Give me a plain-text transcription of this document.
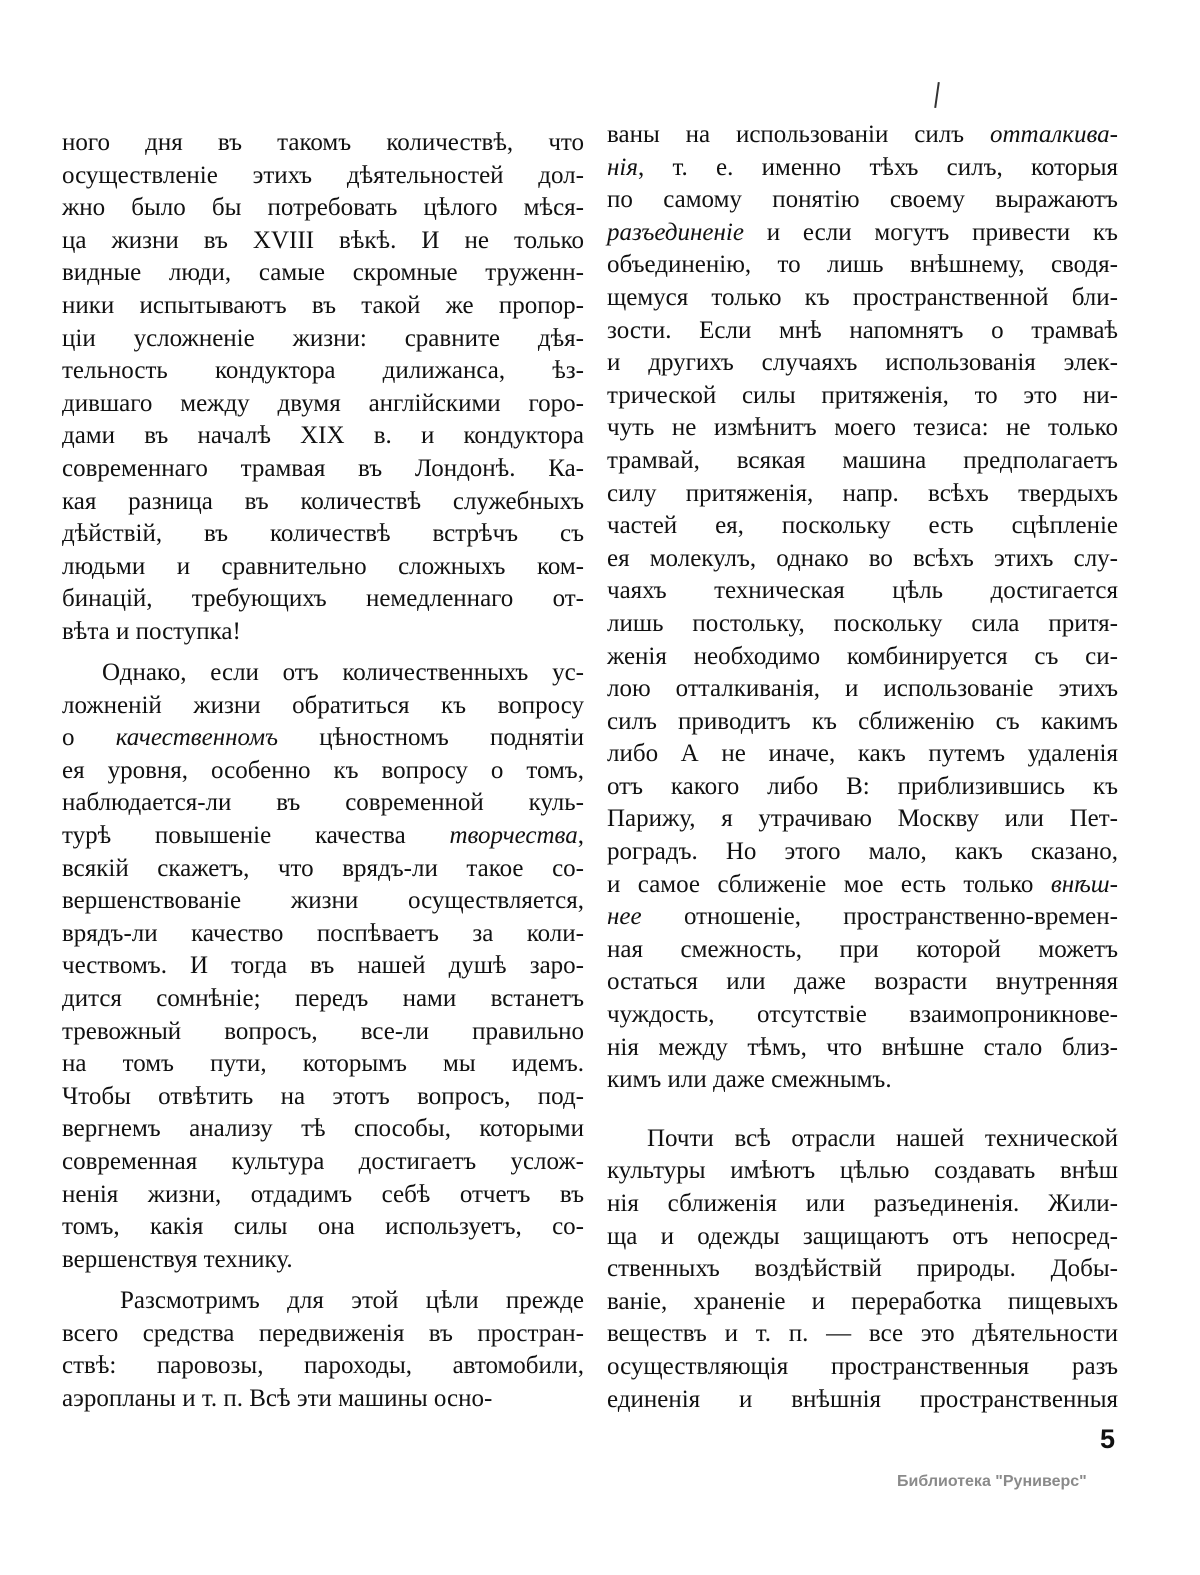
ного дня въ такомъ количествѣ, что
осуществленіе этихъ дѣятельностей дол-
жно было бы потребовать цѣлого мѣся-
ца жизни въ XVIII вѣкѣ. И не только
видные люди, самые скромные труженн-
ники испытываютъ въ такой же пропор-
ціи усложненіе жизни: сравните дѣя-
тельность кондуктора дилижанса, ѣз-
дившаго между двумя англійскими горо-
дами въ началѣ XIX в. и кондуктора
современнаго трамвая въ Лондонѣ. Ка-
кая разница въ количествѣ служебныхъ
дѣйствій, въ количествѣ встрѣчъ съ
людьми и сравнительно сложныхъ ком-
бинацій, требующихъ немедленнаго от-
вѣта и поступка!
Однако, если отъ количественныхъ ус-
ложненій жизни обратиться къ вопросу
о качественномъ цѣностномъ поднятіи
ея уровня, особенно къ вопросу о томъ,
наблюдается-ли въ современной куль-
турѣ повышеніе качества творчества,
всякій скажетъ, что врядъ-ли такое со-
вершенствованіе жизни осуществляется,
врядъ-ли качество поспѣваетъ за коли-
чествомъ. И тогда въ нашей душѣ заро-
дится сомнѣніе; передъ нами встанетъ
тревожный вопросъ, все-ли правильно
на томъ пути, которымъ мы идемъ.
Чтобы отвѣтить на этотъ вопросъ, под-
вергнемъ анализу тѣ способы, которыми
современная культура достигаетъ услож-
ненія жизни, отдадимъ себѣ отчетъ въ
томъ, какія силы она используетъ, со-
вершенствуя технику.
Разсмотримъ для этой цѣли прежде
всего средства передвиженія въ простран-
ствѣ: паровозы, пароходы, автомобили,
аэропланы и т. п. Всѣ эти машины осно-
ваны на использованіи силъ отталкива-
нія, т. е. именно тѣхъ силъ, которыя
по самому понятію своему выражаютъ
разъединеніе и если могутъ привести къ
объединенію, то лишь внѣшнему, сводя-
щемуся только къ пространственной бли-
зости. Если мнѣ напомнятъ о трамваѣ
и другихъ случаяхъ использованія элек-
трической силы притяженія, то это ни-
чуть не измѣнитъ моего тезиса: не только
трамвай, всякая машина предполагаетъ
силу притяженія, напр. всѣхъ твердыхъ
частей ея, поскольку есть сцѣпленіе
ея молекулъ, однако во всѣхъ этихъ слу-
чаяхъ техническая цѣль достигается
лишь постольку, поскольку сила притя-
женія необходимо комбинируется съ си-
лою отталкиванія, и использованіе этихъ
силъ приводитъ къ сближенію съ какимъ
либо А не иначе, какъ путемъ удаленія
отъ какого либо В: приблизившись къ
Парижу, я утрачиваю Москву или Пет-
роградъ. Но этого мало, какъ сказано,
и самое сближеніе мое есть только внѣш-
нее отношеніе, пространственно-времен-
ная смежность, при которой можетъ
остаться или даже возрасти внутренняя
чуждость, отсутствіе взаимопроникнове-
нія между тѣмъ, что внѣшне стало близ-
кимъ или даже смежнымъ.
Почти всѣ отрасли нашей технической
культуры имѣютъ цѣлью создавать внѣш
нія сближенія или разъединенія. Жили-
ща и одежды защищаютъ отъ непосред-
ственныхъ воздѣйствій природы. Добы-
ваніе, храненіе и переработка пищевыхъ
веществъ и т. п. — все это дѣятельности
осуществляющія пространственныя разъ
единенія и внѣшнія пространственныя
5
Библиотека "Руниверс"
